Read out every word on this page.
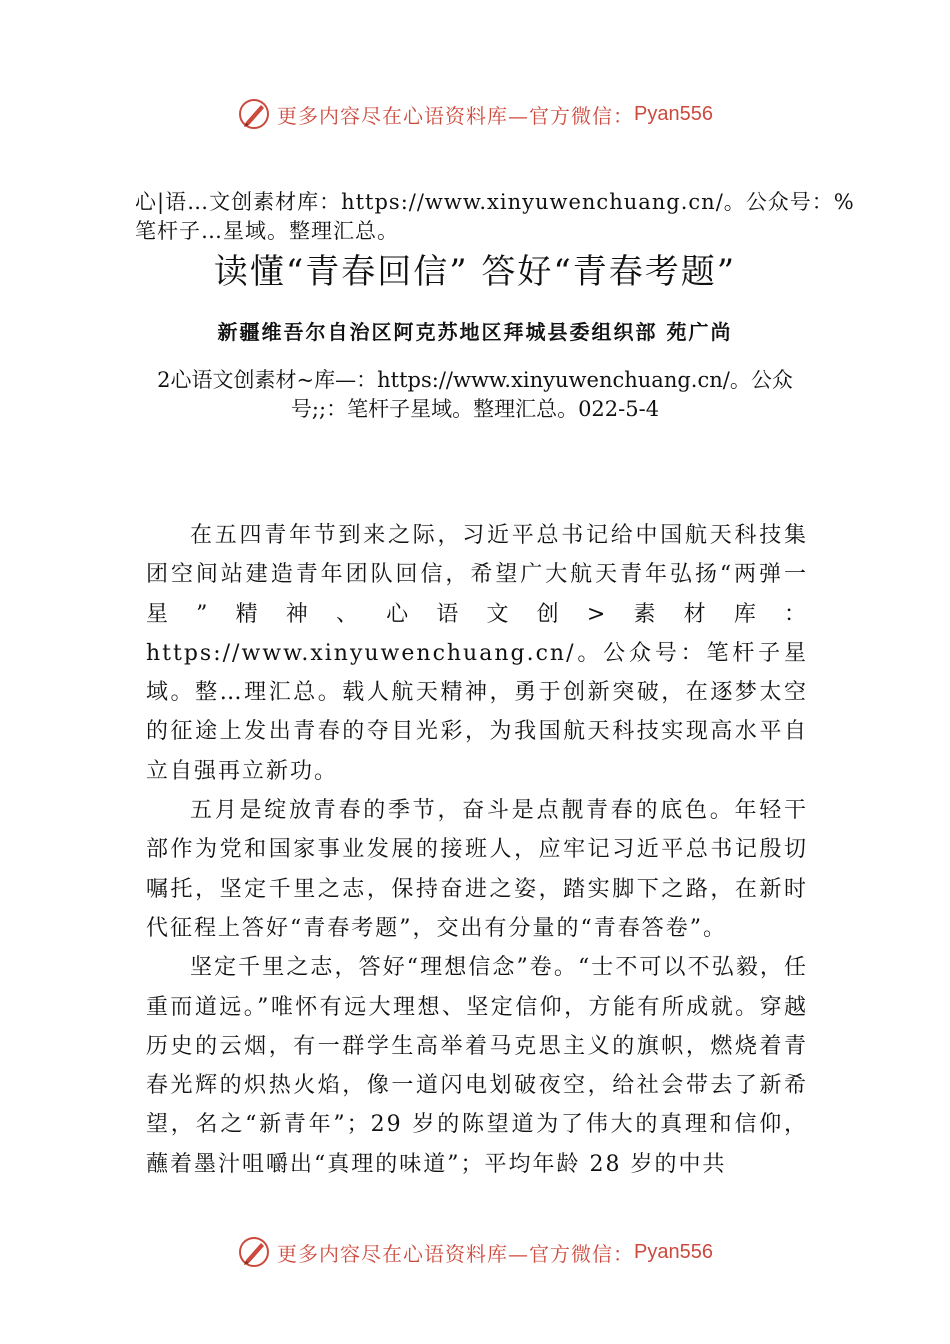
更多内容尽在心语资料库—官方微信： Pyan556
心|语…文创素材库：https://www.xinyuwenchuang.cn/。公众号：%笔杆子…星域。整理汇总。
读懂“青春回信” 答好“青春考题”
新疆维吾尔自治区阿克苏地区拜城县委组织部 苑广尚
2心语文创素材~库—：https://www.xinyuwenchuang.cn/。公众号;;：笔杆子星域。整理汇总。022-5-4

在五四青年节到来之际，习近平总书记给中国航天科技集团空间站建造青年团队回信，希望广大航天青年弘扬“两弹一星”精神、心语文创>素材库：https://www.xinyuwenchuang.cn/。公众号：笔杆子星域。整…理汇总。载人航天精神，勇于创新突破，在逐梦太空的征途上发出青春的夺目光彩，为我国航天科技实现高水平自立自强再立新功。

五月是绽放青春的季节，奋斗是点靓青春的底色。年轻干部作为党和国家事业发展的接班人，应牢记习近平总书记殷切嘱托，坚定千里之志，保持奋进之姿，踏实脚下之路，在新时代征程上答好“青春考题”，交出有分量的“青春答卷”。

坚定千里之志，答好“理想信念”卷。“士不可以不弘毅，任重而道远。”唯怀有远大理想、坚定信仰，方能有所成就。穿越历史的云烟，有一群学生高举着马克思主义的旗帜，燃烧着青春光辉的炽热火焰，像一道闪电划破夜空，给社会带去了新希望，名之“新青年”；29 岁的陈望道为了伟大的真理和信仰，蘸着墨汁咀嚼出“真理的味道”；平均年龄 28 岁的中共

更多内容尽在心语资料库—官方微信： Pyan556
